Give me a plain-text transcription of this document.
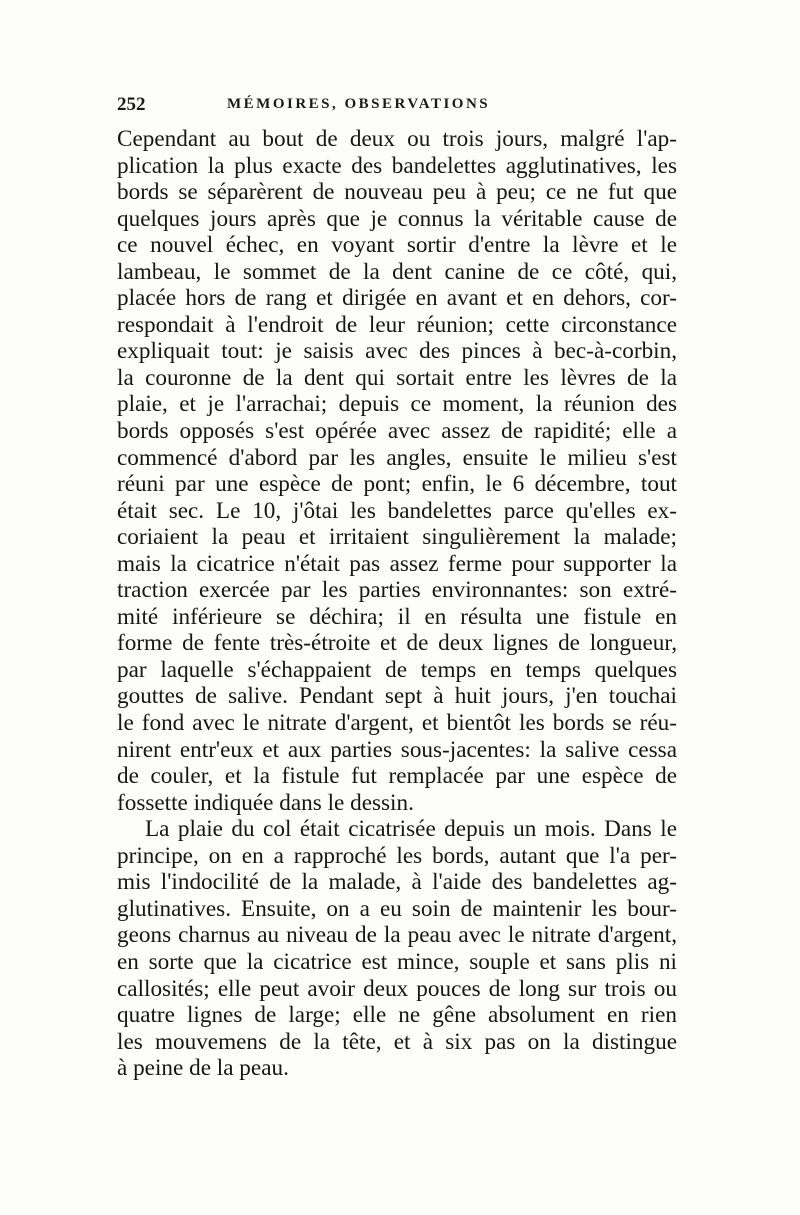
252	MÉMOIRES, OBSERVATIONS
Cependant au bout de deux ou trois jours, malgré l'ap-
plication la plus exacte des bandelettes agglutinatives, les
bords se séparèrent de nouveau peu à peu; ce ne fut que
quelques jours après que je connus la véritable cause de
ce nouvel échec, en voyant sortir d'entre la lèvre et le
lambeau, le sommet de la dent canine de ce côté, qui,
placée hors de rang et dirigée en avant et en dehors, cor-
respondait à l'endroit de leur réunion; cette circonstance
expliquait tout: je saisis avec des pinces à bec-à-corbin,
la couronne de la dent qui sortait entre les lèvres de la
plaie, et je l'arrachai; depuis ce moment, la réunion des
bords opposés s'est opérée avec assez de rapidité; elle a
commencé d'abord par les angles, ensuite le milieu s'est
réuni par une espèce de pont; enfin, le 6 décembre, tout
était sec. Le 10, j'ôtai les bandelettes parce qu'elles ex-
coriaient la peau et irritaient singulièrement la malade;
mais la cicatrice n'était pas assez ferme pour supporter la
traction exercée par les parties environnantes: son extré-
mité inférieure se déchira; il en résulta une fistule en
forme de fente très-étroite et de deux lignes de longueur,
par laquelle s'échappaient de temps en temps quelques
gouttes de salive. Pendant sept à huit jours, j'en touchai
le fond avec le nitrate d'argent, et bientôt les bords se réu-
nirent entr'eux et aux parties sous-jacentes: la salive cessa
de couler, et la fistule fut remplacée par une espèce de
fossette indiquée dans le dessin.
La plaie du col était cicatrisée depuis un mois. Dans le
principe, on en a rapproché les bords, autant que l'a per-
mis l'indocilité de la malade, à l'aide des bandelettes ag-
glutinatives. Ensuite, on a eu soin de maintenir les bour-
geons charnus au niveau de la peau avec le nitrate d'argent,
en sorte que la cicatrice est mince, souple et sans plis ni
callosités; elle peut avoir deux pouces de long sur trois ou
quatre lignes de large; elle ne gêne absolument en rien
les mouvemens de la tête, et à six pas on la distingue
à peine de la peau.
